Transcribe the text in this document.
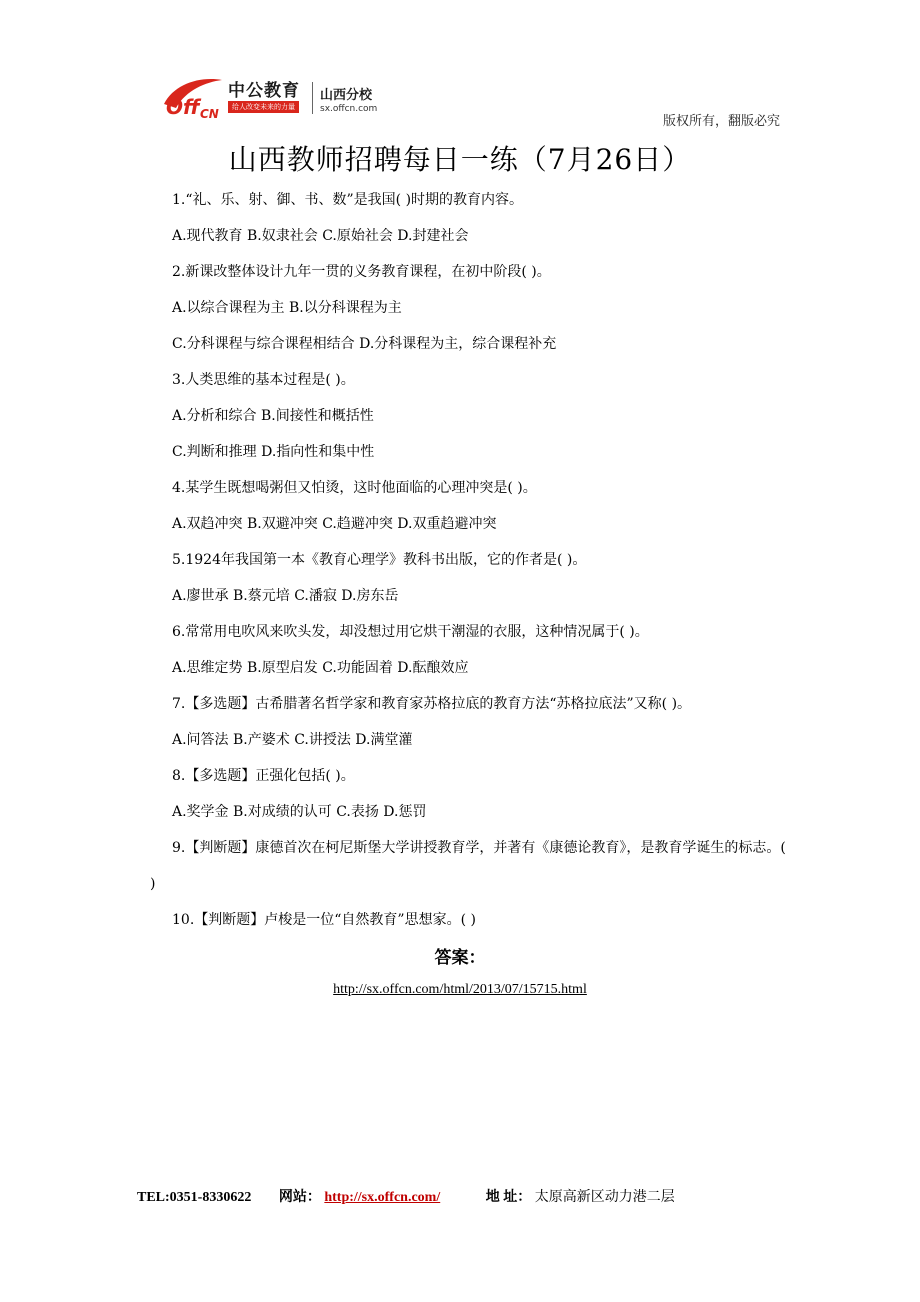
Off CN
中公教育
给人改变未来的力量
山西分校
sx.offcn.com
版权所有，翻版必究
山西教师招聘每日一练（7月26日）

1.“礼、乐、射、御、书、数”是我国( )时期的教育内容。

A.现代教育 B.奴隶社会 C.原始社会 D.封建社会

2.新课改整体设计九年一贯的义务教育课程，在初中阶段( )。

A.以综合课程为主 B.以分科课程为主

C.分科课程与综合课程相结合 D.分科课程为主，综合课程补充

3.人类思维的基本过程是( )。

A.分析和综合 B.间接性和概括性

C.判断和推理 D.指向性和集中性

4.某学生既想喝粥但又怕烫，这时他面临的心理冲突是( )。

A.双趋冲突 B.双避冲突 C.趋避冲突 D.双重趋避冲突

5.1924年我国第一本《教育心理学》教科书出版，它的作者是( )。

A.廖世承 B.蔡元培 C.潘寂 D.房东岳

6.常常用电吹风来吹头发，却没想过用它烘干潮湿的衣服，这种情况属于( )。

A.思维定势 B.原型启发 C.功能固着 D.酝酿效应

7.【多选题】古希腊著名哲学家和教育家苏格拉底的教育方法“苏格拉底法”又称( )。

A.问答法 B.产婆术 C.讲授法 D.满堂灌

8.【多选题】正强化包括( )。

A.奖学金 B.对成绩的认可 C.表扬 D.惩罚

9.【判断题】康德首次在柯尼斯堡大学讲授教育学，并著有《康德论教育》，是教育学诞生的标志。( )

10.【判断题】卢梭是一位“自然教育”思想家。( )

答案：
http://sx.offcn.com/html/2013/07/15715.html
TEL:0351-8330622 网站： http://sx.offcn.com/	地 址： 太原高新区动力港二层
